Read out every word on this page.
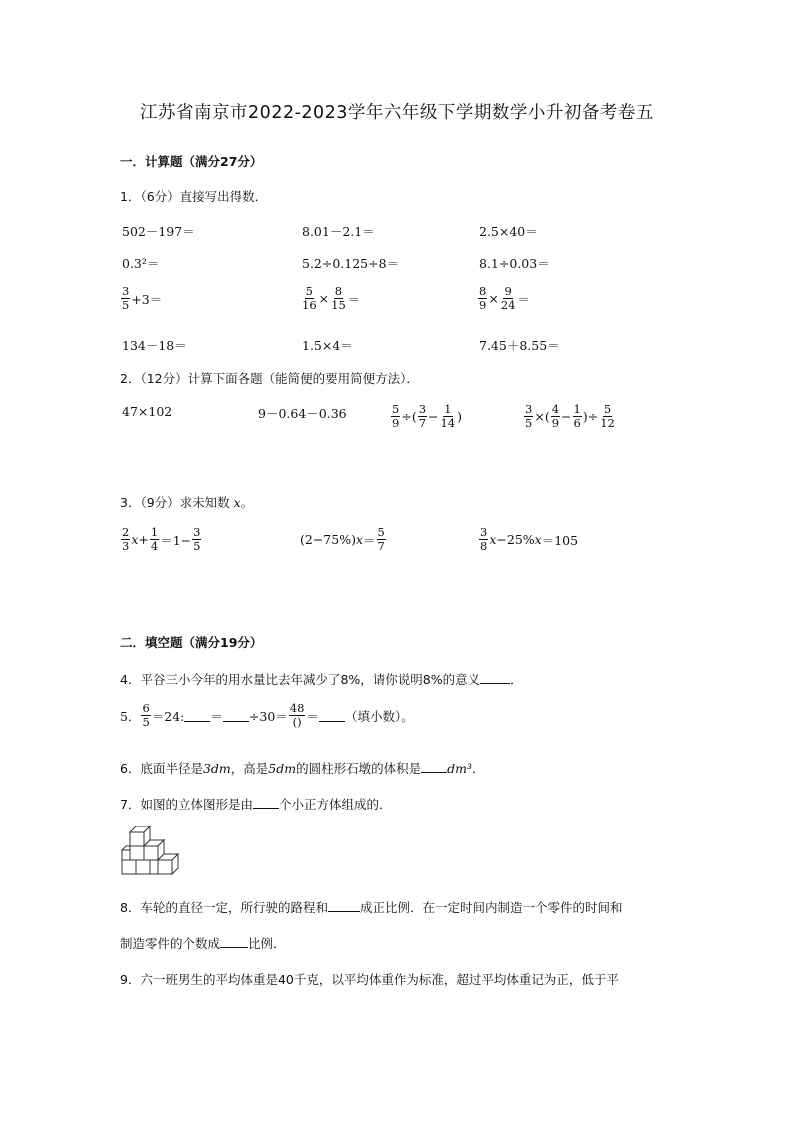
江苏省南京市2022-2023学年六年级下学期数学小升初备考卷五
一．计算题（满分27分）
1．（6分）直接写出得数．
502－197＝	8.01－2.1＝	2.5×40＝
0.3²＝	5.2÷0.125÷8＝	8.1÷0.03＝
$\frac{3}{5} +3=$	$\frac{5}{16} \times \frac{8}{15}$ ＝	$\frac{8}{9} \times \frac{9}{24}$ ＝
134－18＝	1.5×4＝	7.45＋8.55＝
2．（12分）计算下面各题（能简便的要用简便方法）．
47×102	9－0.64－0.36	$\frac{5}{9}$ ÷ ( $\frac{3}{7} - \frac{1}{14}$ )	$\frac{3}{5}$ × ( $\frac{4}{9} - \frac{1}{6}$ ) ÷ $\frac{5}{12}$
3．（9分）求未知数 x。
$\frac{2}{3}$ $x + \frac{1}{4} =1- \frac{3}{5}$	(2−75%) $x = \frac{5}{7}$	$\frac{3}{8}$ x −25% x ＝105
二．填空题（满分19分）
4．平谷三小今年的用水量比去年减少了8%，请你说明8%的意义 ．
5． $\frac{6}{5} =24$: ＝ $\div 30= \frac{48}{()}$ ＝ （填小数）。
6．底面半径是3dm，高是5dm的圆柱形石墩的体积是 dm³．
7．如图的立体图形是由 个小正方体组成的．
8．车轮的直径一定，所行驶的路程和	成正比例．在一定时间内制造一个零件的时间和
制造零件的个数成 比例．
9．六一班男生的平均体重是40千克，以平均体重作为标准，超过平均体重记为正，低于平
